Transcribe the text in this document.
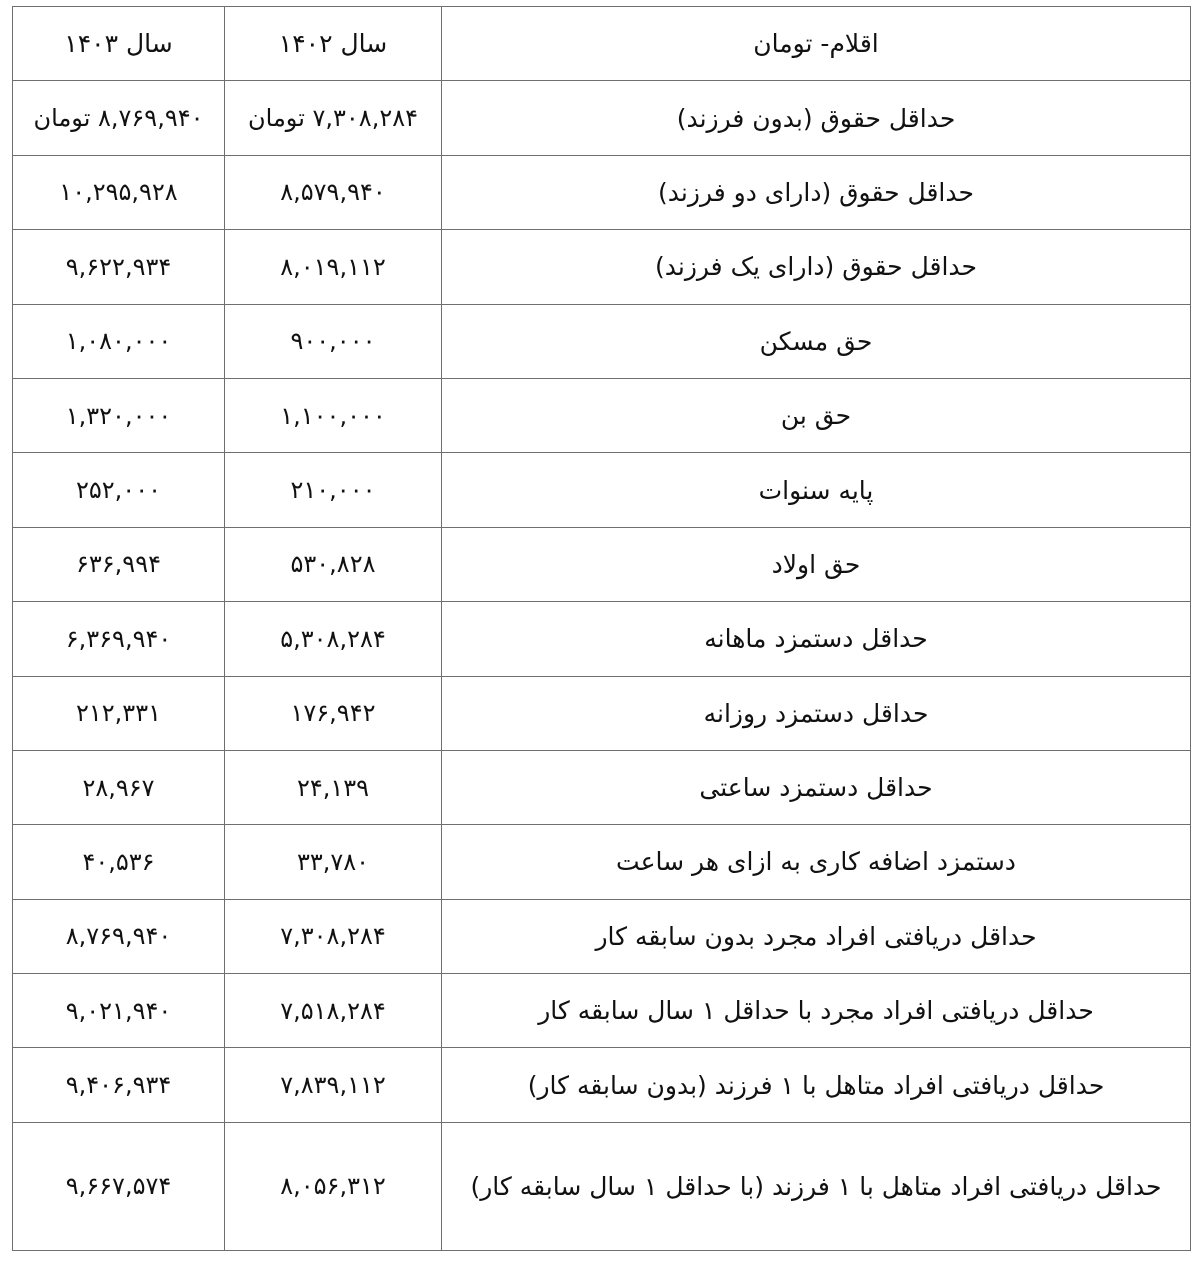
اقلام- تومان	سال ۱۴۰۲	سال ۱۴۰۳
حداقل حقوق (بدون فرزند)	۷,۳۰۸,۲۸۴ تومان	۸,۷۶۹,۹۴۰ تومان
حداقل حقوق (دارای دو فرزند)	۸,۵۷۹,۹۴۰	۱۰,۲۹۵,۹۲۸
حداقل حقوق (دارای یک فرزند)	۸,۰۱۹,۱۱۲	۹,۶۲۲,۹۳۴
حق مسکن	۹۰۰,۰۰۰	۱,۰۸۰,۰۰۰
حق بن	۱,۱۰۰,۰۰۰	۱,۳۲۰,۰۰۰
پایه سنوات	۲۱۰,۰۰۰	۲۵۲,۰۰۰
حق اولاد	۵۳۰,۸۲۸	۶۳۶,۹۹۴
حداقل دستمزد ماهانه	۵,۳۰۸,۲۸۴	۶,۳۶۹,۹۴۰
حداقل دستمزد روزانه	۱۷۶,۹۴۲	۲۱۲,۳۳۱
حداقل دستمزد ساعتی	۲۴,۱۳۹	۲۸,۹۶۷
دستمزد اضافه کاری به ازای هر ساعت	۳۳,۷۸۰	۴۰,۵۳۶
حداقل دریافتی افراد مجرد بدون سابقه کار	۷,۳۰۸,۲۸۴	۸,۷۶۹,۹۴۰
حداقل دریافتی افراد مجرد با حداقل ۱ سال سابقه کار	۷,۵۱۸,۲۸۴	۹,۰۲۱,۹۴۰
حداقل دریافتی افراد متاهل با ۱ فرزند (بدون سابقه کار)	۷,۸۳۹,۱۱۲	۹,۴۰۶,۹۳۴
حداقل دریافتی افراد متاهل با ۱ فرزند (با حداقل ۱ سال سابقه کار)	۸,۰۵۶,۳۱۲	۹,۶۶۷,۵۷۴
